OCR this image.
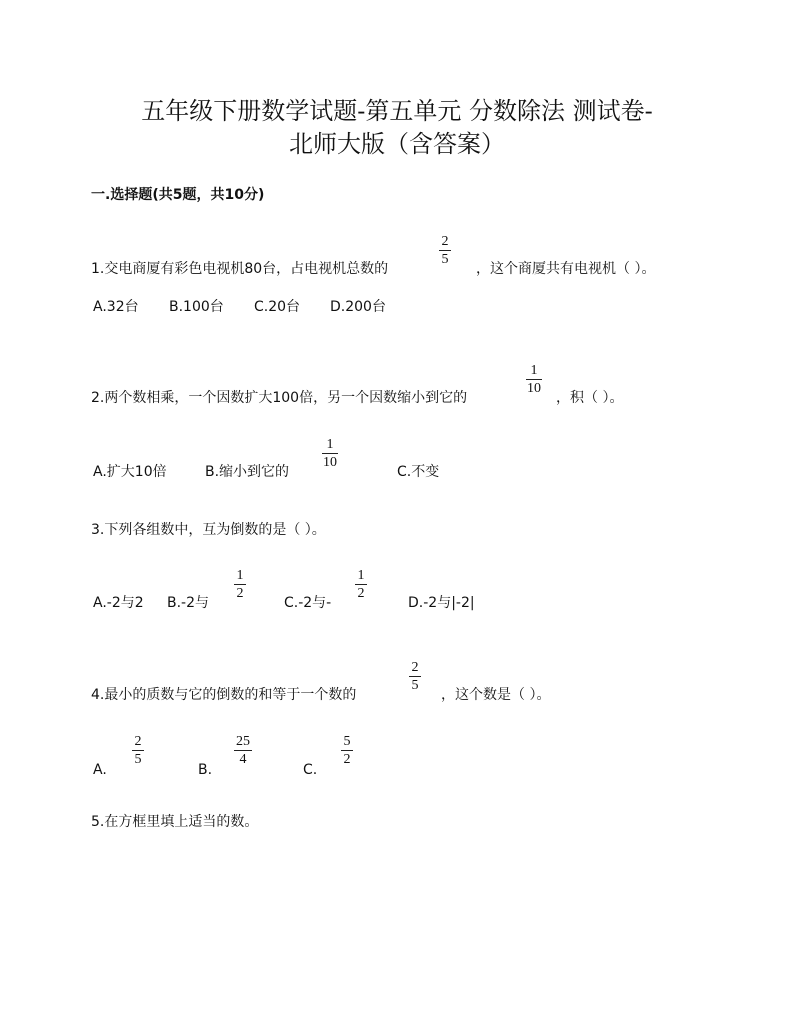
五年级下册数学试题-第五单元 分数除法 测试卷-
北师大版（含答案）
一.选择题(共5题，共10分)
1.交电商厦有彩色电视机80台，占电视机总数的
2
5
，这个商厦共有电视机（ ）。
A.32台 B.100台 C.20台 D.200台
2.两个数相乘，一个因数扩大100倍，另一个因数缩小到它的
1
10
，积（ ）。
A.扩大10倍	B.缩小到它的
1
10
C.不变
3.下列各组数中，互为倒数的是（ ）。
A.-2与2 B.-2与
1
2
C.-2与-
1
2
D.-2与|-2|
4.最小的质数与它的倒数的和等于一个数的
2
5
，这个数是（ ）。
A.
2
5
B.
25
4
C.
5
2
5.在方框里填上适当的数。
